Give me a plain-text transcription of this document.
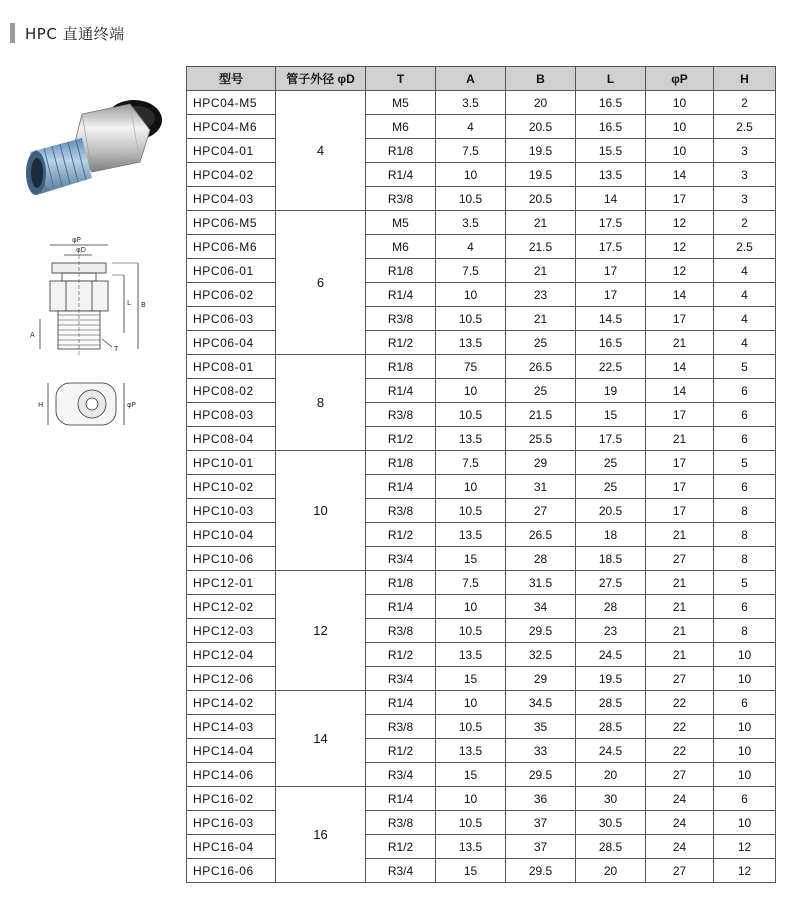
HPC 直通终端
φP
φD
L B
A
T
H	φP
型号	管子外径 φD	T	A	B	L	φP	H
HPC04-M5	4	M5	3.5	20	16.5	10	2
HPC04-M6		M6	4	20.5	16.5	10	2.5
HPC04-01		R1/8	7.5	19.5	15.5	10	3
HPC04-02		R1/4	10	19.5	13.5	14	3
HPC04-03		R3/8	10.5	20.5	14	17	3
HPC06-M5	6	M5	3.5	21	17.5	12	2
HPC06-M6		M6	4	21.5	17.5	12	2.5
HPC06-01		R1/8	7.5	21	17	12	4
HPC06-02		R1/4	10	23	17	14	4
HPC06-03		R3/8	10.5	21	14.5	17	4
HPC06-04		R1/2	13.5	25	16.5	21	4
HPC08-01	8	R1/8	75	26.5	22.5	14	5
HPC08-02		R1/4	10	25	19	14	6
HPC08-03		R3/8	10.5	21.5	15	17	6
HPC08-04		R1/2	13.5	25.5	17.5	21	6
HPC10-01	10	R1/8	7.5	29	25	17	5
HPC10-02		R1/4	10	31	25	17	6
HPC10-03		R3/8	10.5	27	20.5	17	8
HPC10-04		R1/2	13.5	26.5	18	21	8
HPC10-06		R3/4	15	28	18.5	27	8
HPC12-01	12	R1/8	7.5	31.5	27.5	21	5
HPC12-02		R1/4	10	34	28	21	6
HPC12-03		R3/8	10.5	29.5	23	21	8
HPC12-04		R1/2	13.5	32.5	24.5	21	10
HPC12-06		R3/4	15	29	19.5	27	10
HPC14-02	14	R1/4	10	34.5	28.5	22	6
HPC14-03		R3/8	10.5	35	28.5	22	10
HPC14-04		R1/2	13.5	33	24.5	22	10
HPC14-06		R3/4	15	29.5	20	27	10
HPC16-02	16	R1/4	10	36	30	24	6
HPC16-03		R3/8	10.5	37	30.5	24	10
HPC16-04		R1/2	13.5	37	28.5	24	12
HPC16-06		R3/4	15	29.5	20	27	12
